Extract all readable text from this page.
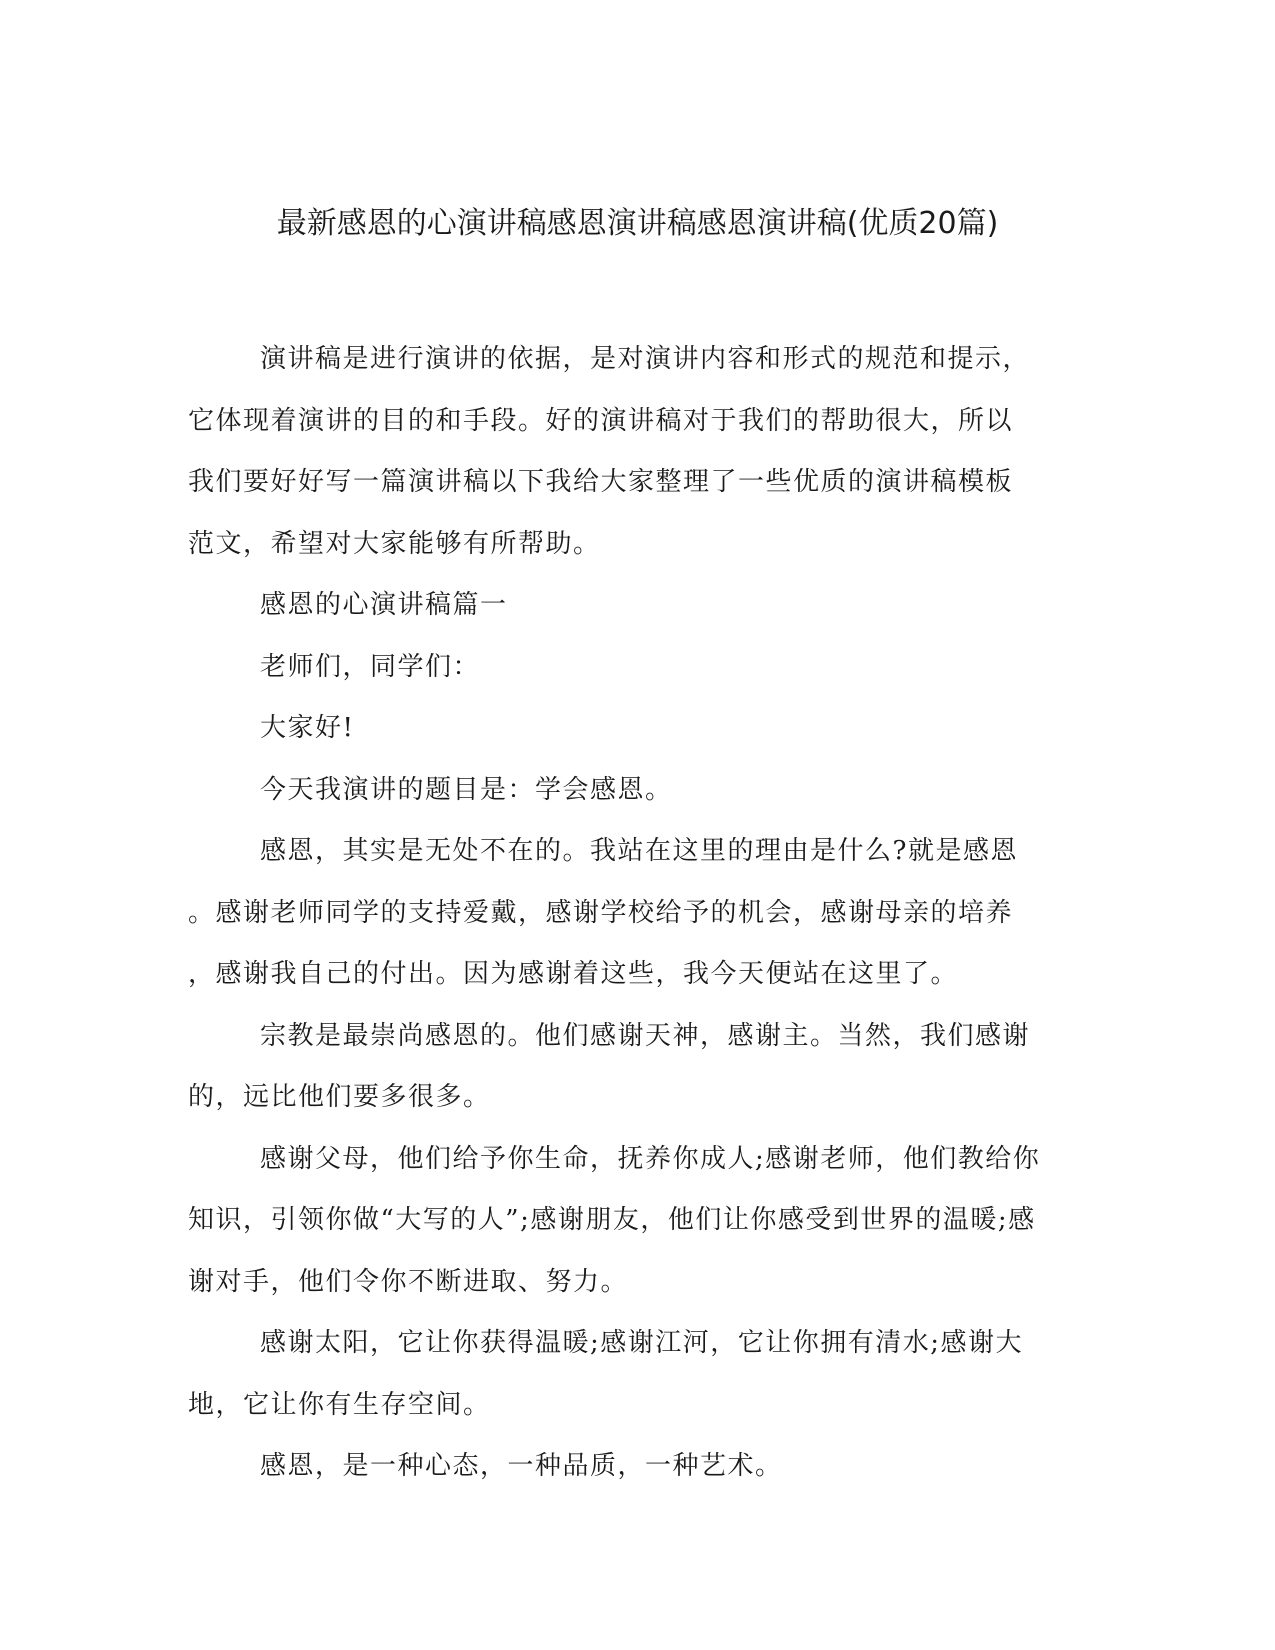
最新感恩的心演讲稿感恩演讲稿感恩演讲稿(优质20篇)

演讲稿是进行演讲的依据，是对演讲内容和形式的规范和提示，
它体现着演讲的目的和手段。好的演讲稿对于我们的帮助很大，所以
我们要好好写一篇演讲稿以下我给大家整理了一些优质的演讲稿模板
范文，希望对大家能够有所帮助。

感恩的心演讲稿篇一

老师们，同学们：

大家好!

今天我演讲的题目是：学会感恩。

感恩，其实是无处不在的。我站在这里的理由是什么?就是感恩
。感谢老师同学的支持爱戴，感谢学校给予的机会，感谢母亲的培养
，感谢我自己的付出。因为感谢着这些，我今天便站在这里了。

宗教是最崇尚感恩的。他们感谢天神，感谢主。当然，我们感谢
的，远比他们要多很多。

感谢父母，他们给予你生命，抚养你成人;感谢老师，他们教给你
知识，引领你做“大写的人”;感谢朋友，他们让你感受到世界的温暖;感
谢对手，他们令你不断进取、努力。

感谢太阳，它让你获得温暖;感谢江河，它让你拥有清水;感谢大
地，它让你有生存空间。

感恩，是一种心态，一种品质，一种艺术。
